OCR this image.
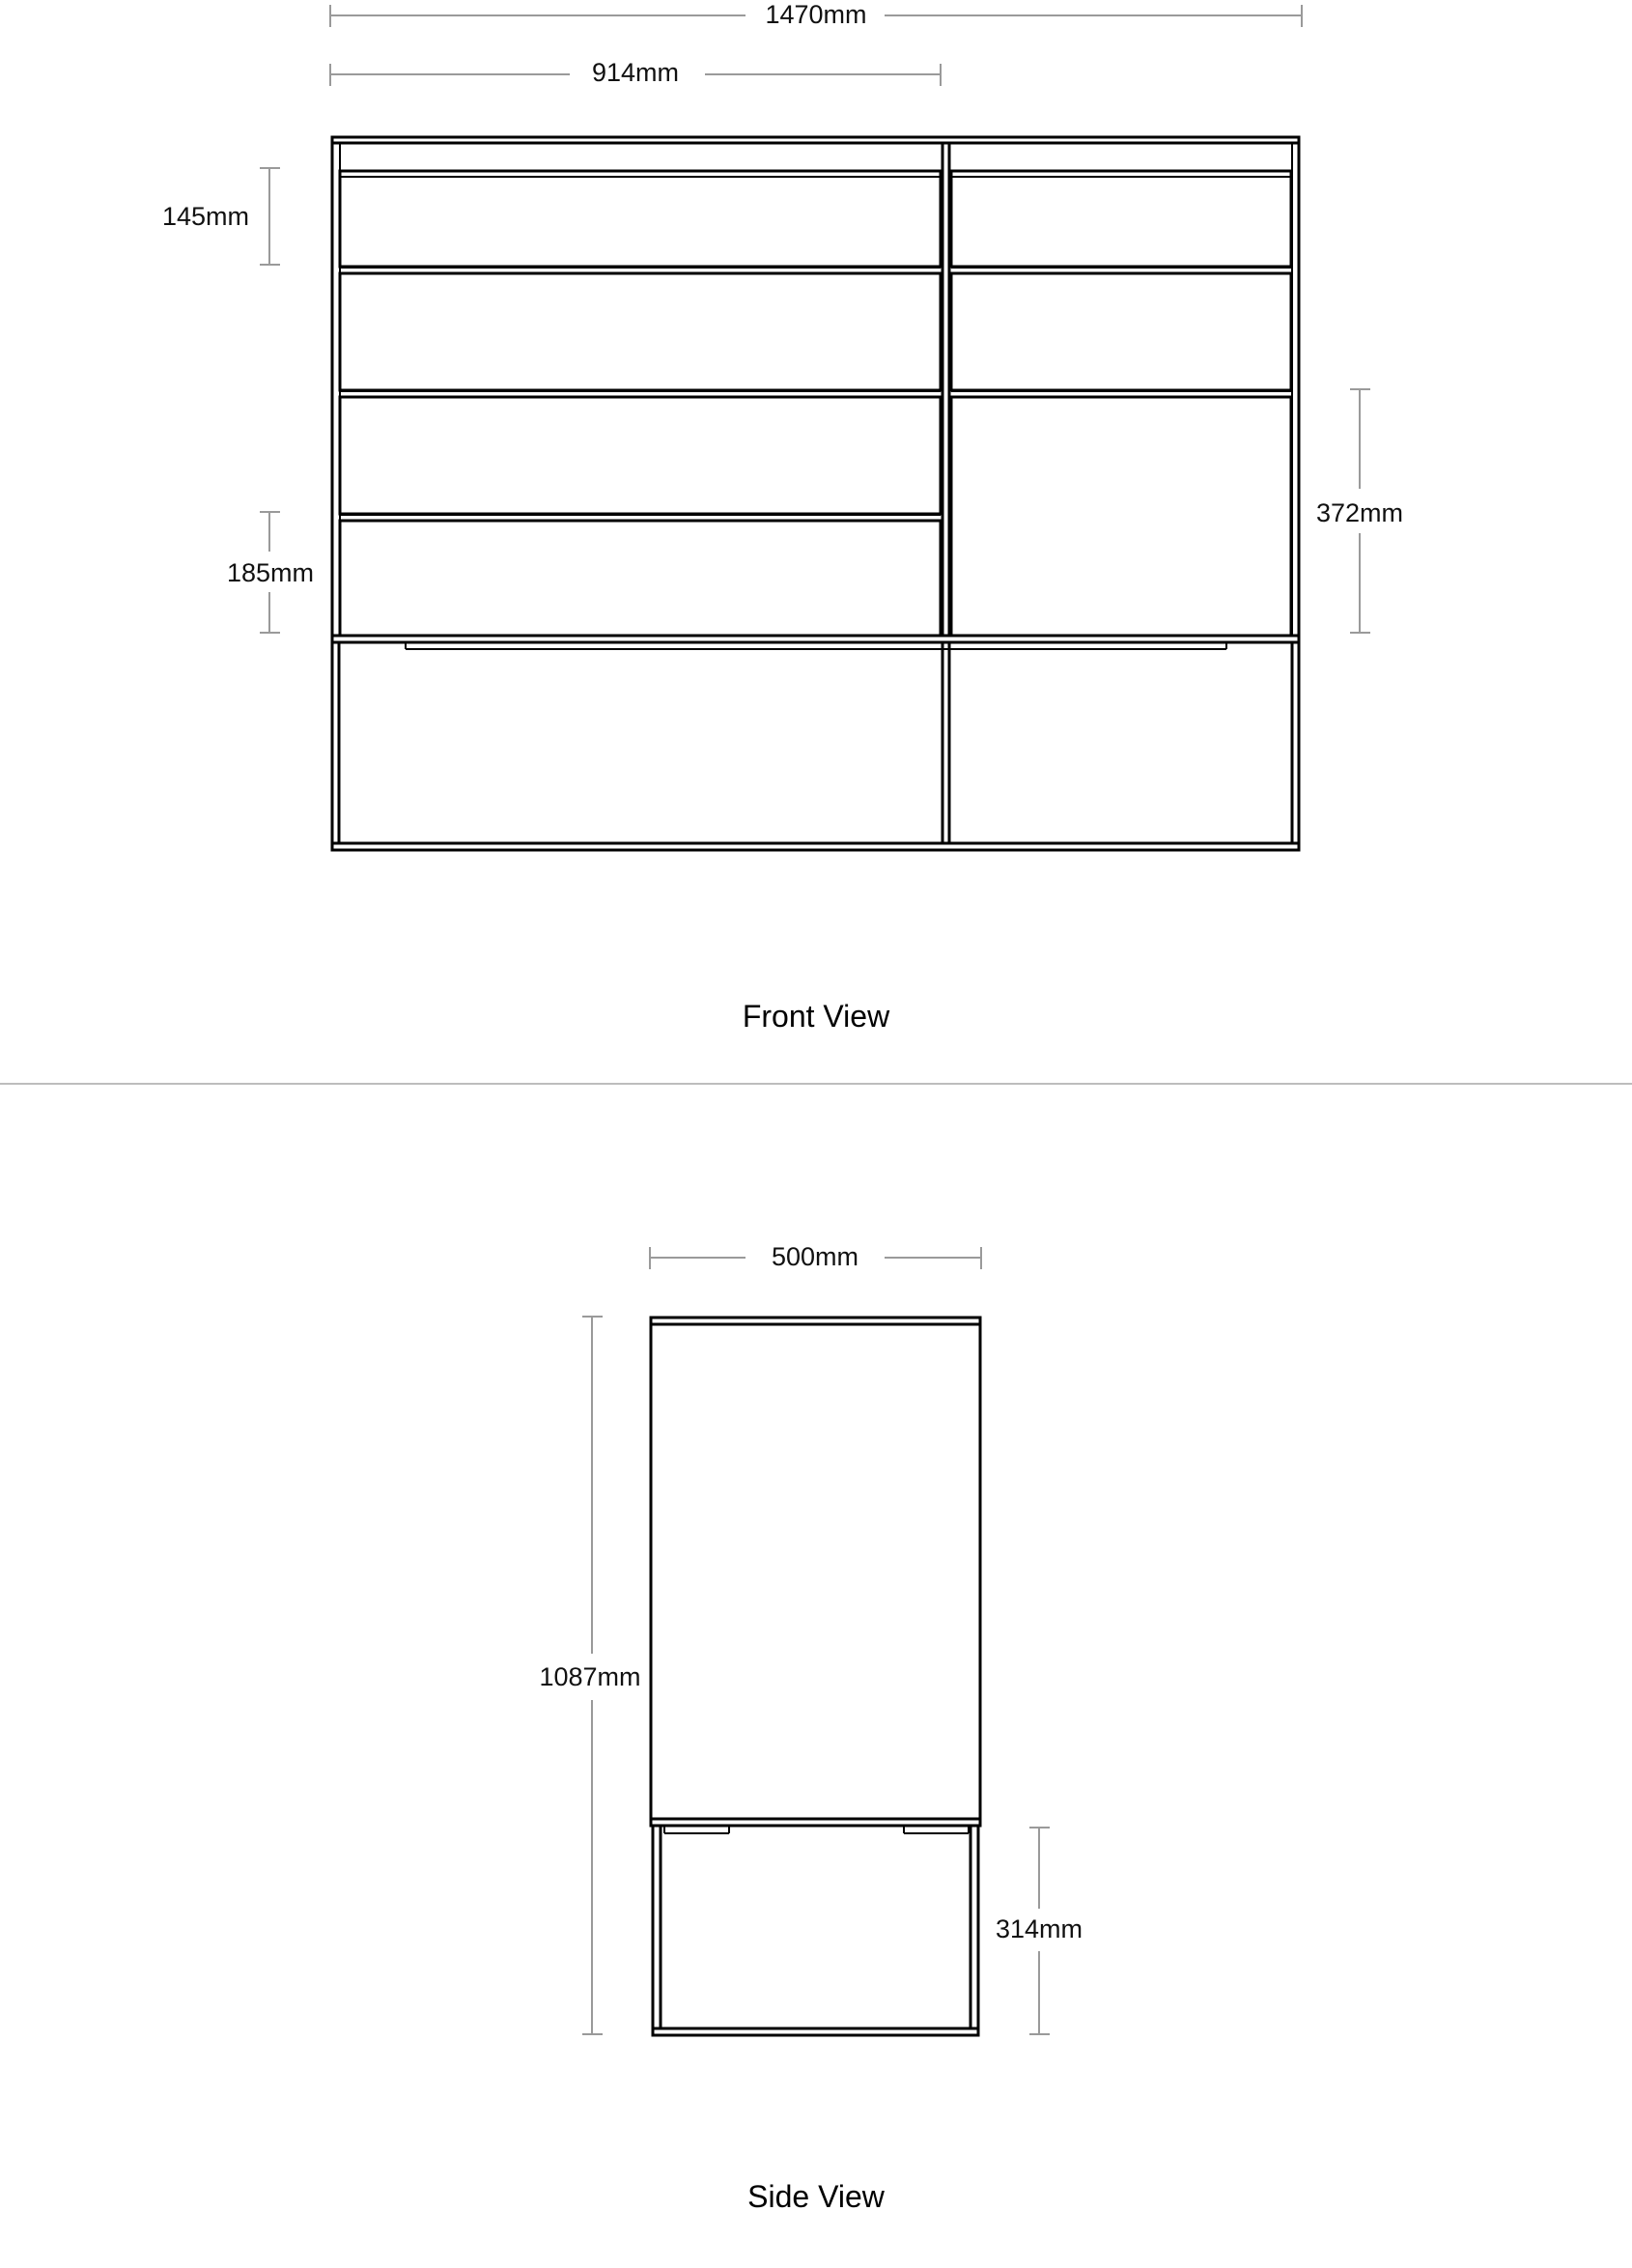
1470mm
914mm
145mm
185mm
372mm
Front View
500mm
1087mm
314mm
Side View
